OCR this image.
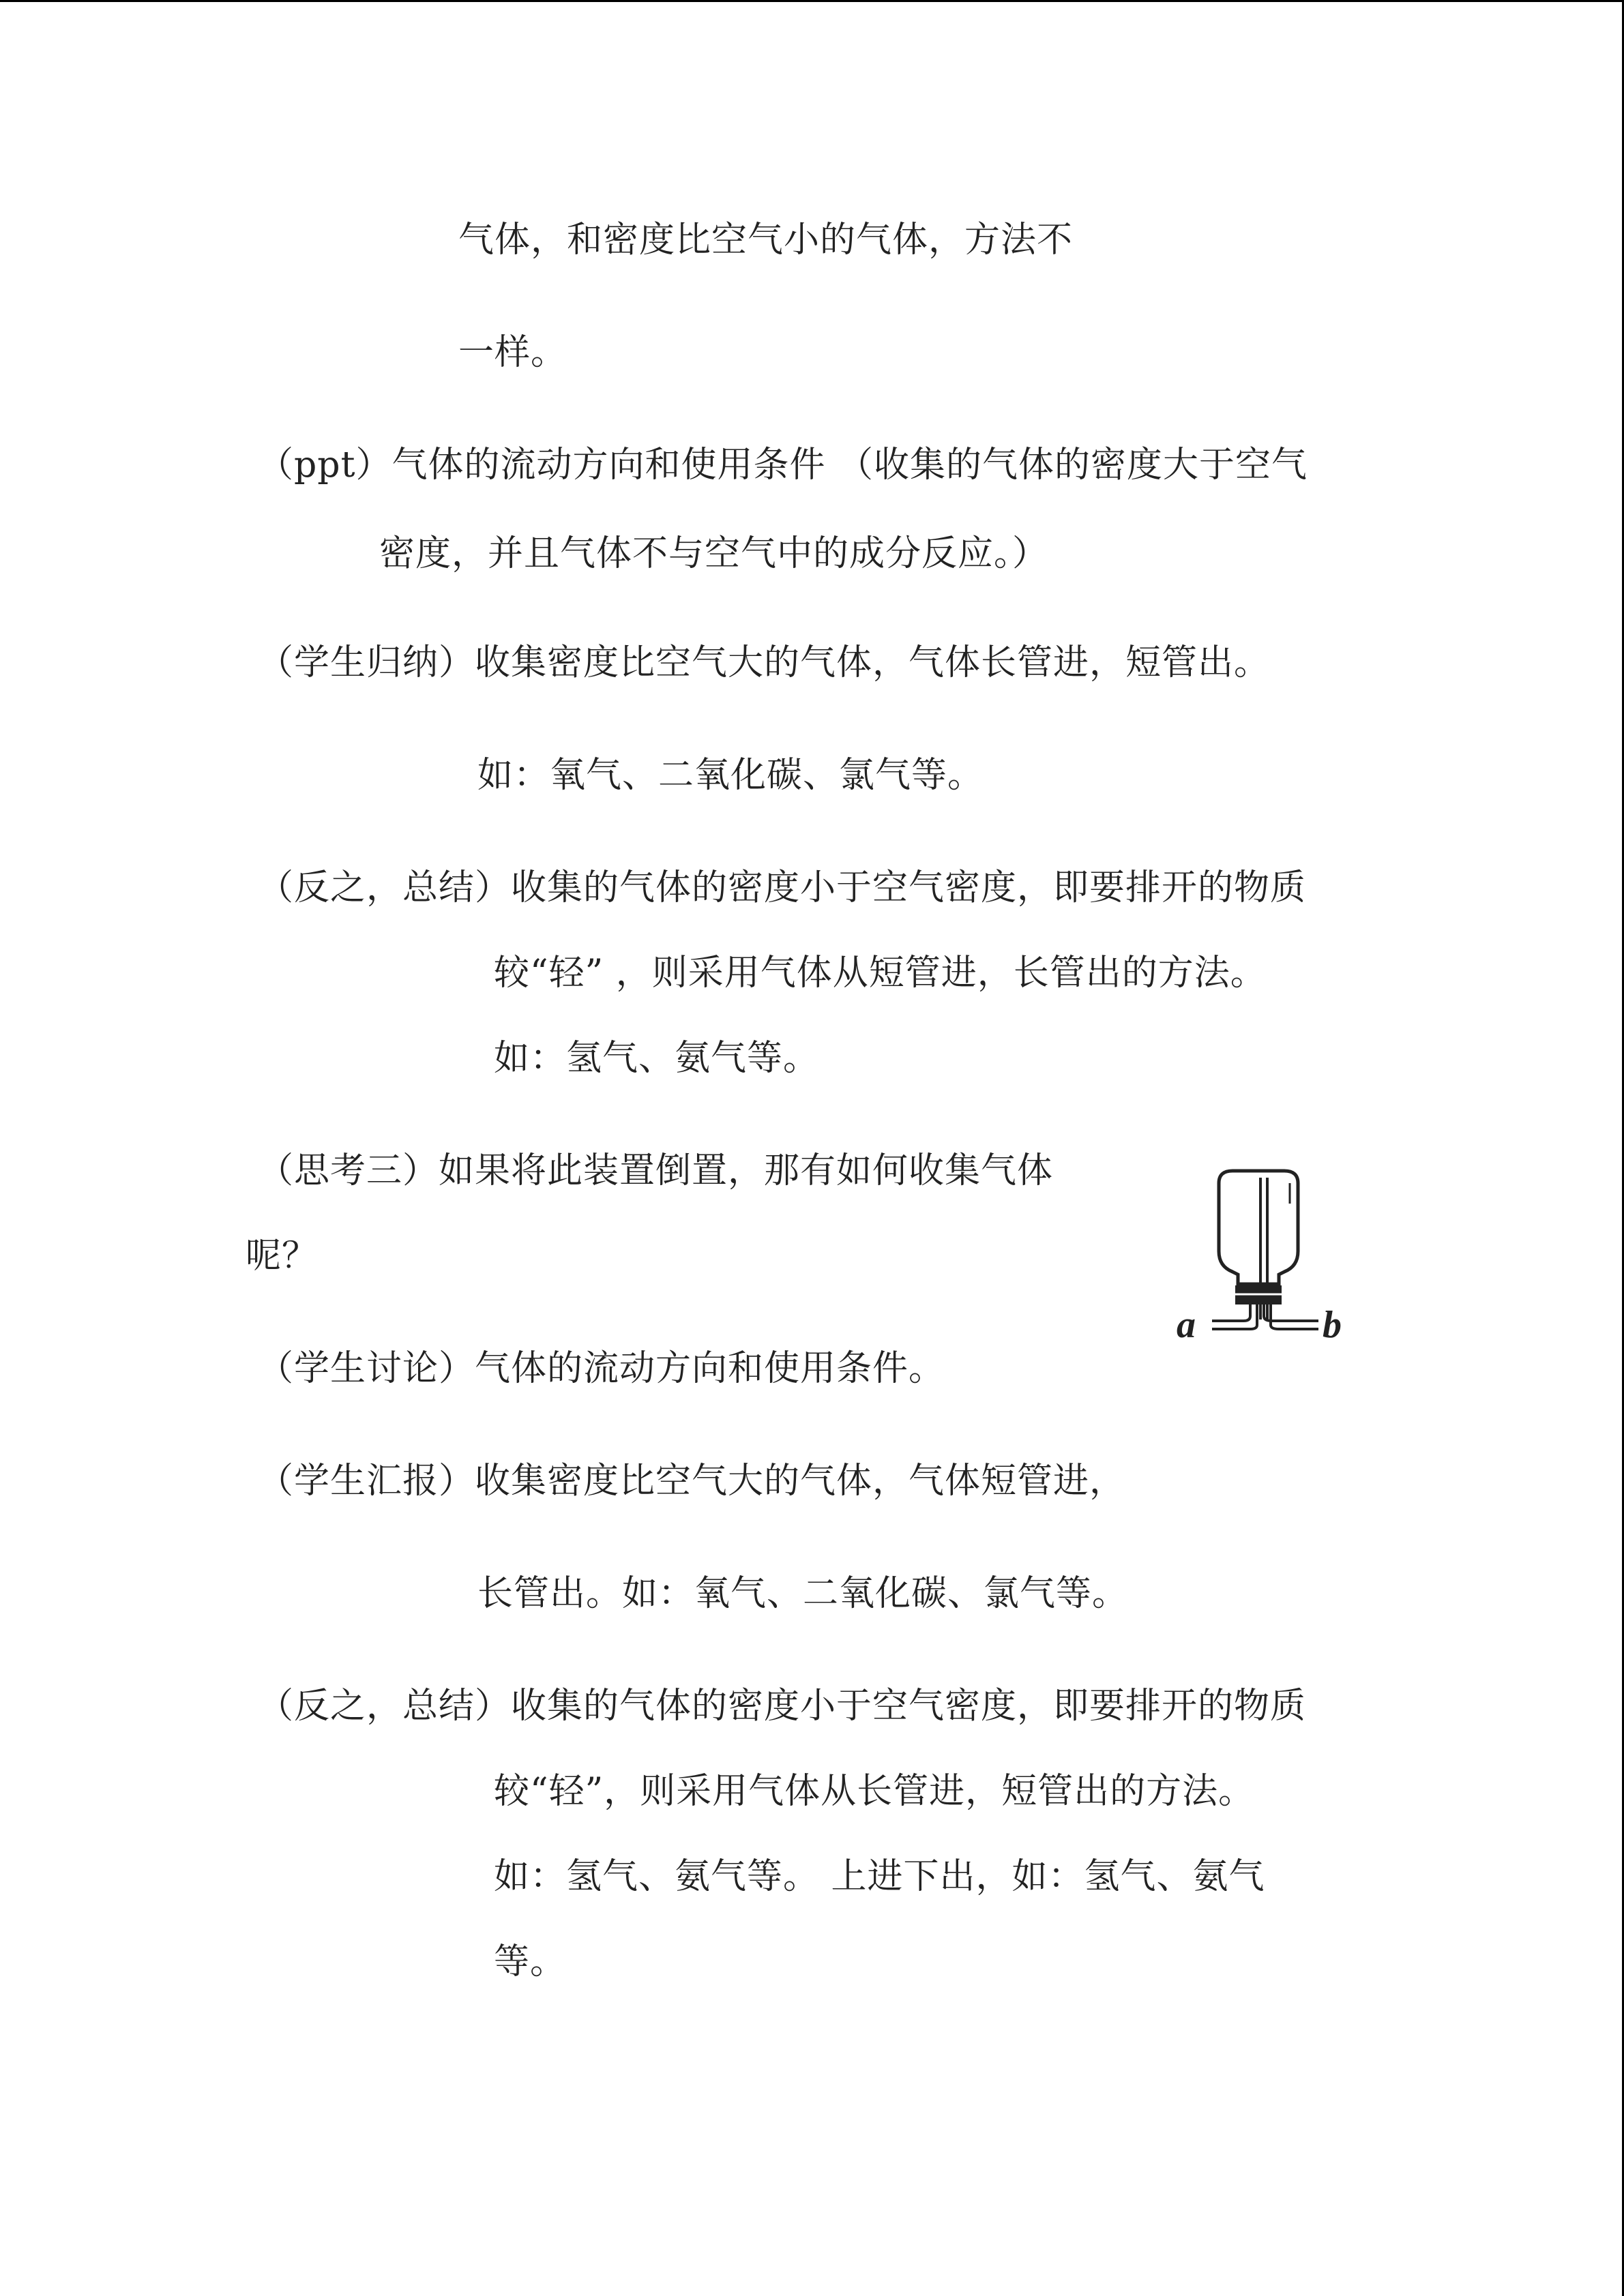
气体，和密度比空气小的气体，方法不
一样。
（ppt）气体的流动方向和使用条件 （收集的气体的密度大于空气
密度，并且气体不与空气中的成分反应。）
（学生归纳）收集密度比空气大的气体，气体长管进，短管出。
如：氧气、二氧化碳、氯气等。
（反之，总结）收集的气体的密度小于空气密度，即要排开的物质
较“轻” ，则采用气体从短管进，长管出的方法。
如：氢气、氨气等。
（思考三）如果将此装置倒置，那有如何收集气体
呢？
（学生讨论）气体的流动方向和使用条件。
（学生汇报）收集密度比空气大的气体，气体短管进，
长管出。如：氧气、二氧化碳、氯气等。
（反之，总结）收集的气体的密度小于空气密度，即要排开的物质
较“轻”，则采用气体从长管进，短管出的方法。
如：氢气、氨气等。 上进下出，如：氢气、氨气
等。
a	b
